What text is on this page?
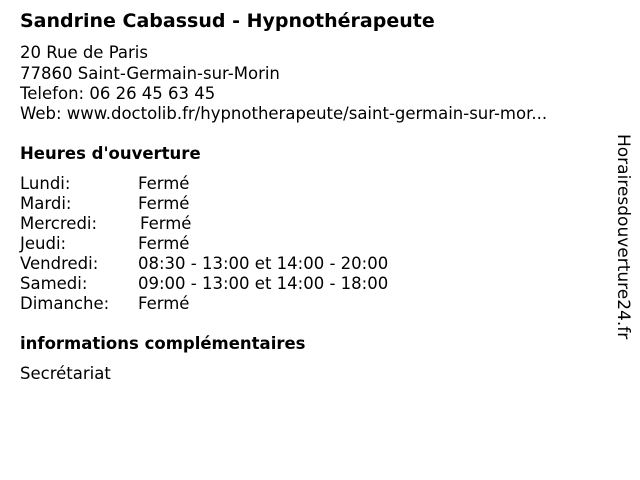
Sandrine Cabassud - Hypnothérapeute
20 Rue de Paris
77860 Saint-Germain-sur-Morin
Telefon: 06 26 45 63 45
Web: www.doctolib.fr/hypnotherapeute/saint-germain-sur-mor...
Heures d'ouverture
Lundi:	Fermé
Mardi:	Fermé
Mercredi:	Fermé
Jeudi:	Fermé
Vendredi: 08:30 - 13:00 et 14:00 - 20:00
Samedi:	09:00 - 13:00 et 14:00 - 18:00
Dimanche: Fermé
informations complémentaires
Secrétariat
Horairesdouverture24.fr
